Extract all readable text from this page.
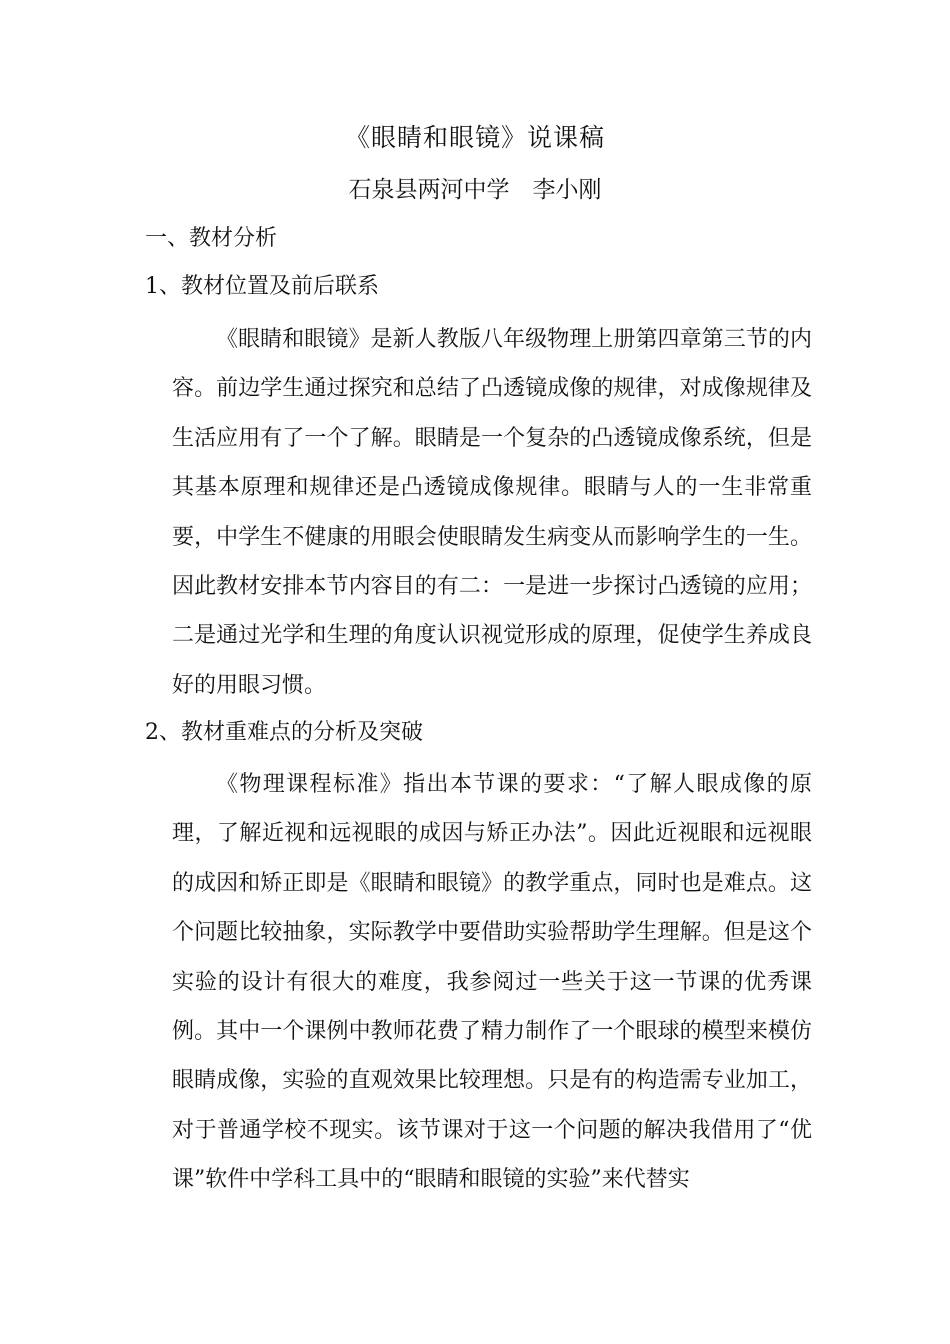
《眼睛和眼镜》说课稿
石泉县两河中学　李小刚
一、教材分析
1、教材位置及前后联系

《眼睛和眼镜》是新人教版八年级物理上册第四章第三节的内容。前边学生通过探究和总结了凸透镜成像的规律，对成像规律及生活应用有了一个了解。眼睛是一个复杂的凸透镜成像系统，但是其基本原理和规律还是凸透镜成像规律。眼睛与人的一生非常重要，中学生不健康的用眼会使眼睛发生病变从而影响学生的一生。因此教材安排本节内容目的有二：一是进一步探讨凸透镜的应用；二是通过光学和生理的角度认识视觉形成的原理，促使学生养成良好的用眼习惯。

2、教材重难点的分析及突破

《物理课程标准》指出本节课的要求：“了解人眼成像的原理，了解近视和远视眼的成因与矫正办法”。因此近视眼和远视眼的成因和矫正即是《眼睛和眼镜》的教学重点，同时也是难点。这个问题比较抽象，实际教学中要借助实验帮助学生理解。但是这个实验的设计有很大的难度，我参阅过一些关于这一节课的优秀课例。其中一个课例中教师花费了精力制作了一个眼球的模型来模仿眼睛成像，实验的直观效果比较理想。只是有的构造需专业加工，对于普通学校不现实。该节课对于这一个问题的解决我借用了“优课”软件中学科工具中的“眼睛和眼镜的实验”来代替实
